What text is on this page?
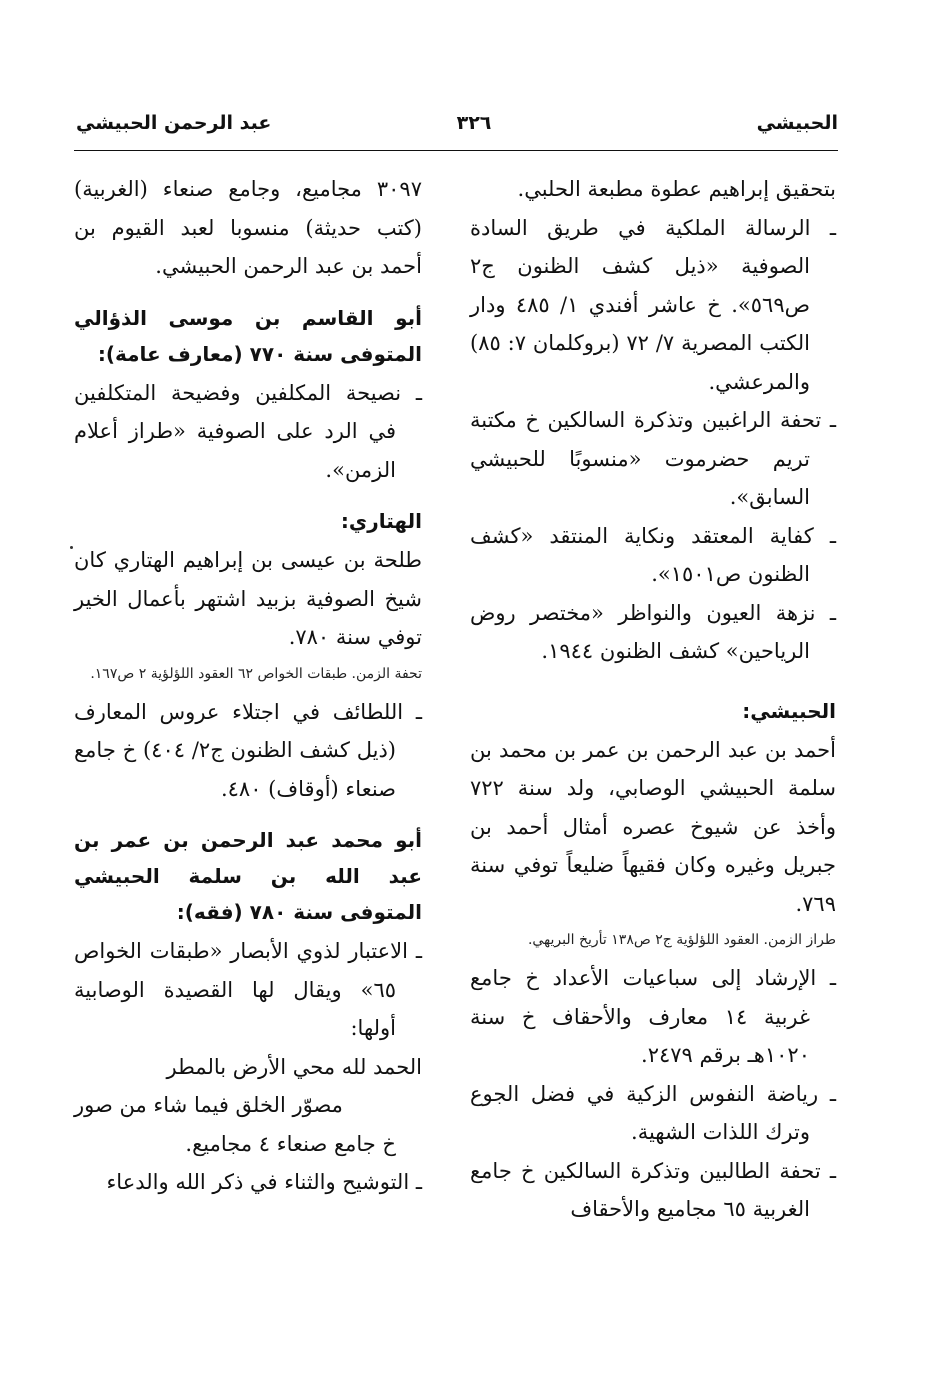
الحبيشي
٣٢٦
عبد الرحمن الحبيشي

بتحقيق إبراهيم عطوة مطبعة الحلبي.

ـ الرسالة الملكية في طريق السادة الصوفية «ذيل كشف الظنون ج٢ ص٥٦٩». خ عاشر أفندي ١/ ٤٨٥ ودار الكتب المصرية ٧/ ٧٢ (بروكلمان ٧: ٨٥) والمرعشي.

ـ تحفة الراغبين وتذكرة السالكين خ مكتبة تريم حضرموت «منسوبًا للحبيشي السابق».

ـ كفاية المعتقد ونكاية المنتقد «كشف الظنون ص١٥٠١».

ـ نزهة العيون والنواظر «مختصر روض الرياحين» كشف الظنون ١٩٤٤.

الحبيشي:

أحمد بن عبد الرحمن بن عمر بن محمد بن سلمة الحبيشي الوصابي، ولد سنة ٧٢٢ وأخذ عن شيوخ عصره أمثال أحمد بن جبريل وغيره وكان فقيهاً ضليعاً توفي سنة ٧٦٩.

طراز الزمن. العقود اللؤلؤية ج٢ ص١٣٨ تأريخ البريهي.

ـ الإرشاد إلى سباعيات الأعداد خ جامع غربية ١٤ معارف والأحقاف خ سنة ١٠٢٠هـ برقم ٢٤٧٩.

ـ رياضة النفوس الزكية في فضل الجوع وترك اللذات الشهية.

ـ تحفة الطالبين وتذكرة السالكين خ جامع الغربية ٦٥ مجاميع والأحقاف

٣٠٩٧ مجاميع، وجامع صنعاء (الغربية) (كتب حديثة) منسوبا لعبد القيوم بن أحمد بن عبد الرحمن الحبيشي.

أبو القاسم بن موسى الذؤالي المتوفى سنة ٧٧٠ (معارف عامة):

ـ نصيحة المكلفين وفضيحة المتكلفين في الرد على الصوفية «طراز أعلام الزمن».

الهتاري:

طلحة بن عيسى بن إبراهيم الهتاري كان شيخ الصوفية بزبيد اشتهر بأعمال الخير توفي سنة ٧٨٠.

تحفة الزمن. طبقات الخواص ٦٢ العقود اللؤلؤية ٢ ص١٦٧.

ـ اللطائف في اجتلاء عروس المعارف (ذيل كشف الظنون ج٢/ ٤٠٤) خ جامع صنعاء (أوقاف) ٤٨٠.

أبو محمد عبد الرحمن بن عمر بن عبد الله بن سلمة الحبيشي المتوفى سنة ٧٨٠ (فقه):

ـ الاعتبار لذوي الأبصار «طبقات الخواص ٦٥» ويقال لها القصيدة الوصابية أولها:

الحمد لله محي الأرض بالمطر

مصوّر الخلق فيما شاء من صور

خ جامع صنعاء ٤ مجاميع.

ـ التوشيح والثناء في ذكر الله والدعاء
